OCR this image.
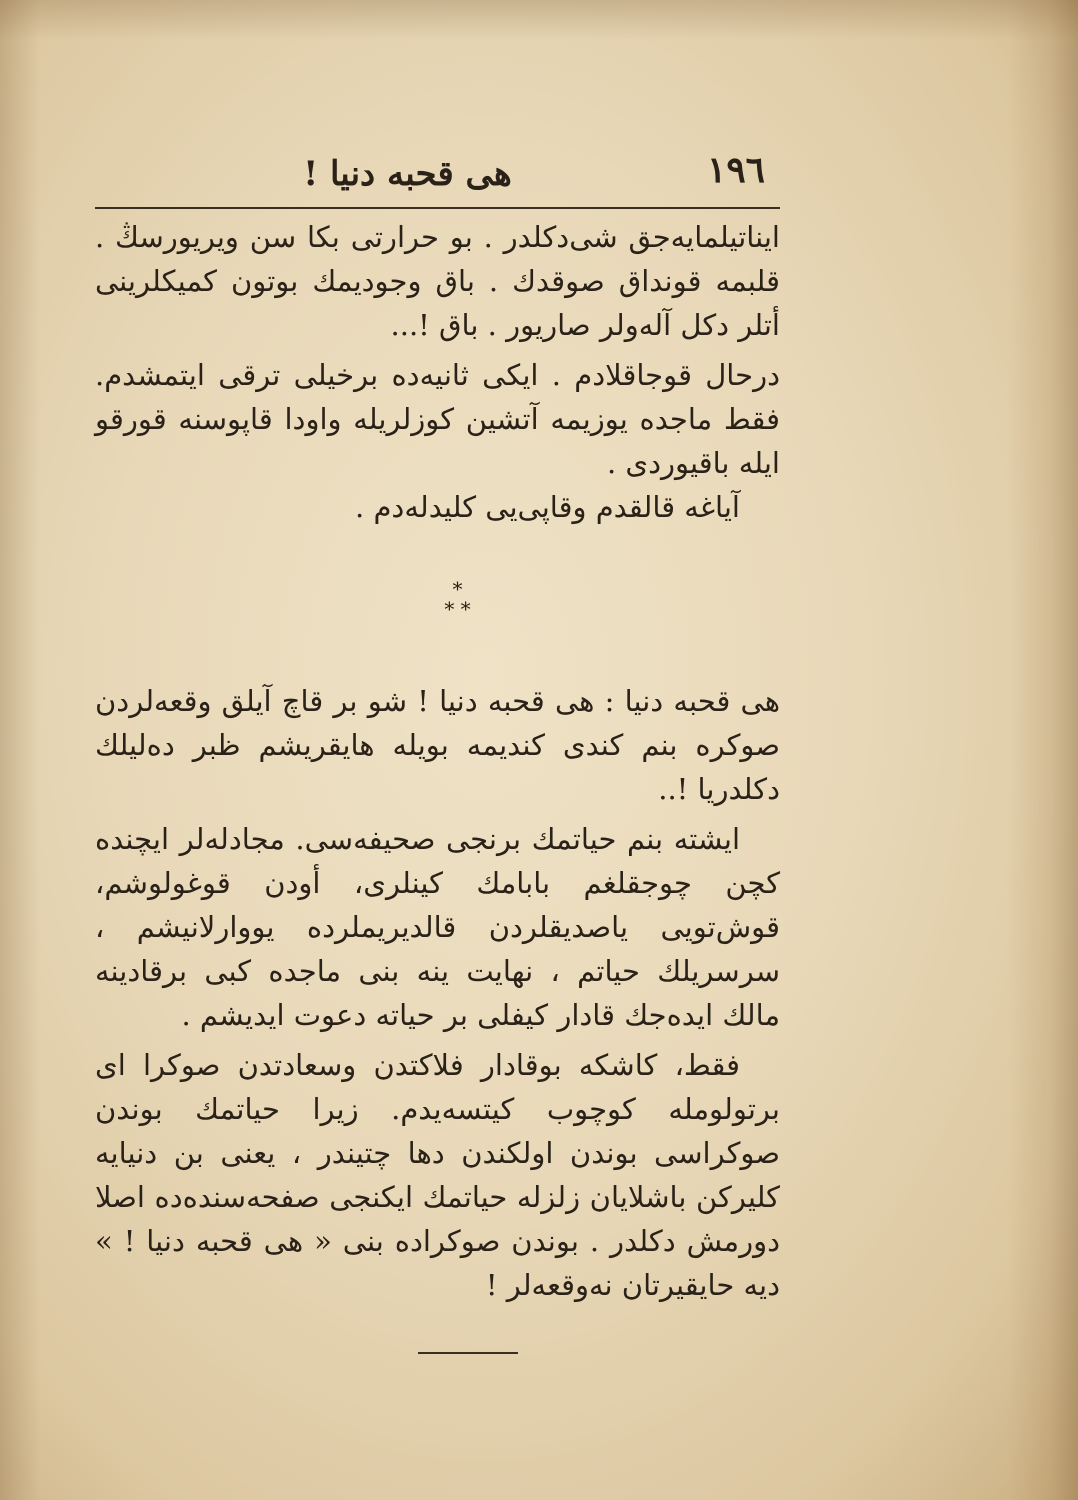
١٩٦
هی قحبه دنیا !

ایناتیلمایه‌جق شی‌دکلدر . بو حرارتی بکا سن ویریورسڭ . قلبمه قونداق صوقدك . باق وجودیمك بوتون کمیکلرینی أتلر دکل آله‌ولر صاریور . باق !...

درحال قوجاقلادم . ایکی ثانیه‌ده برخیلی ترقی ایتمشدم. فقط ماجده یوزیمه آتشین کوزلریله واودا قاپوسنه قورقو ایله باقیوردی .

آیاغه قالقدم وقاپی‌یی کلیدله‌دم .

*
* *

هی قحبه دنیا : هی قحبه دنیا ! شو بر قاچ آیلق وقعه‌لردن صوکره بنم کندی کندیمه بویله هایقریشم ظبر ده‌لیلك دکلدریا !..

ایشته بنم حیاتمك برنجی صحیفه‌سی. مجادله‌لر ایچنده کچن چوجقلغم بابامك کینلری، أودن قوغولوشم، قوش‌تویی یاصدیقلردن قالدیریملرده یووارلانیشم ، سرسریلك حیاتم ، نهایت ینه بنی ماجده کبی برقادینه مالك ایده‌جك قادار کیفلی بر حیاته دعوت ایدیشم .

فقط، کاشکه بوقادار فلاکتدن وسعادتدن صوکرا ای برتولومله کوچوب کیتسه‌یدم. زیرا حیاتمك بوندن صوکراسی بوندن اولکندن دها چتیندر ، یعنی بن دنیایه کلیرکن باشلایان زلزله حیاتمك ایکنجی صفحه‌سنده‌ده اصلا دورمش دکلدر . بوندن صوکراده بنی « هی قحبه دنیا ! » دیه حایقیرتان نه‌وقعه‌لر !
